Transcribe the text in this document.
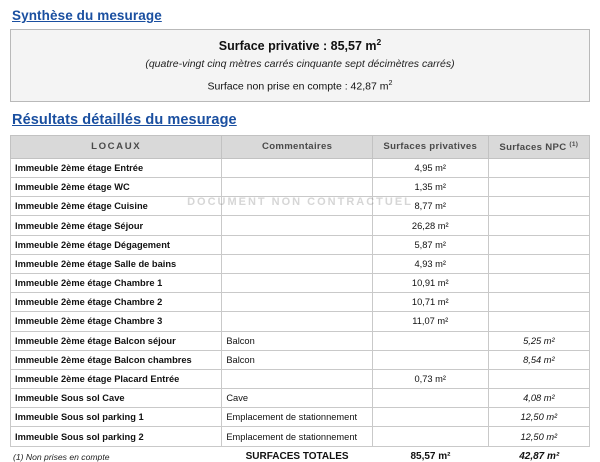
Synthèse du mesurage
Surface privative : 85,57 $m^2$
(quatre-vingt cinq mètres carrés cinquante sept décimètres carrés)
Surface non prise en compte : 42,87 $m^2$
Résultats détaillés du mesurage
LOCAUX	Commentaires	Surfaces privatives	Surfaces NPC $^{(1)}$
Immeuble 2ème étage Entrée		4,95 m²	
Immeuble 2ème étage WC		1,35 m²	
Immeuble 2ème étage Cuisine		8,77 m²	
Immeuble 2ème étage Séjour		26,28 m²	
Immeuble 2ème étage Dégagement		5,87 m²	
Immeuble 2ème étage Salle de bains		4,93 m²	
Immeuble 2ème étage Chambre 1		10,91 m²	
Immeuble 2ème étage Chambre 2		10,71 m²	
Immeuble 2ème étage Chambre 3		11,07 m²	
Immeuble 2ème étage Balcon séjour	Balcon		5,25 m²
Immeuble 2ème étage Balcon chambres	Balcon		8,54 m²
Immeuble 2ème étage Placard Entrée		0,73 m²	
Immeuble Sous sol Cave	Cave		4,08 m²
Immeuble Sous sol parking 1	Emplacement de stationnement		12,50 m²
Immeuble Sous sol parking 2	Emplacement de stationnement		12,50 m²
(1) Non prises en compte	SURFACES TOTALES	85,57 m²	42,87 m²
DOCUMENT NON CONTRACTUEL
